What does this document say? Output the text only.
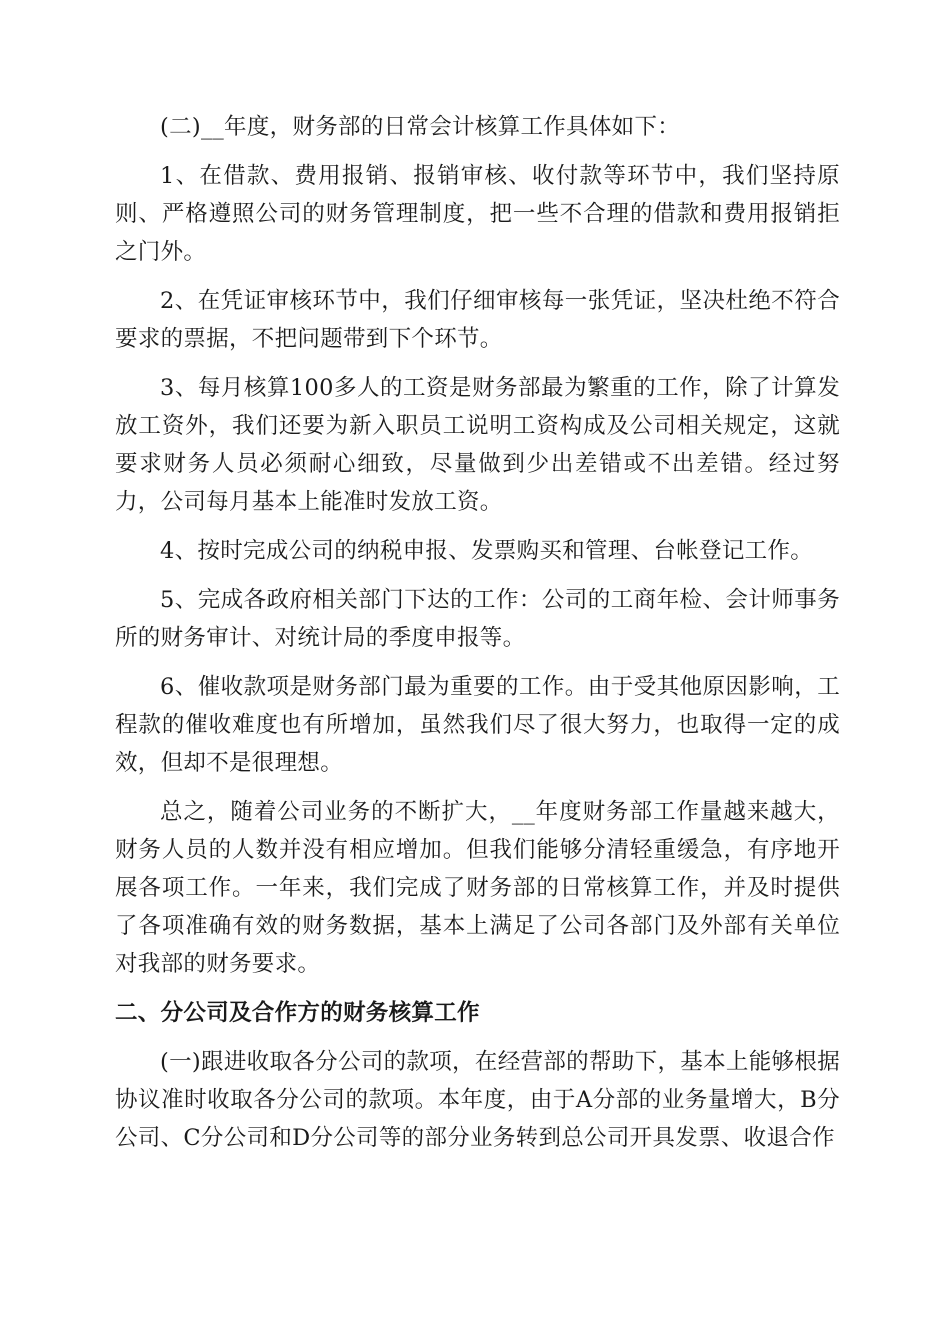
(二)__年度，财务部的日常会计核算工作具体如下：

1、在借款、费用报销、报销审核、收付款等环节中，我们坚持原则、严格遵照公司的财务管理制度，把一些不合理的借款和费用报销拒之门外。

2、在凭证审核环节中，我们仔细审核每一张凭证，坚决杜绝不符合要求的票据，不把问题带到下个环节。

3、每月核算100多人的工资是财务部最为繁重的工作，除了计算发放工资外，我们还要为新入职员工说明工资构成及公司相关规定，这就要求财务人员必须耐心细致，尽量做到少出差错或不出差错。经过努力，公司每月基本上能准时发放工资。

4、按时完成公司的纳税申报、发票购买和管理、台帐登记工作。

5、完成各政府相关部门下达的工作：公司的工商年检、会计师事务所的财务审计、对统计局的季度申报等。

6、催收款项是财务部门最为重要的工作。由于受其他原因影响，工程款的催收难度也有所增加，虽然我们尽了很大努力，也取得一定的成效，但却不是很理想。

总之，随着公司业务的不断扩大，__年度财务部工作量越来越大，财务人员的人数并没有相应增加。但我们能够分清轻重缓急，有序地开展各项工作。一年来，我们完成了财务部的日常核算工作，并及时提供了各项准确有效的财务数据，基本上满足了公司各部门及外部有关单位对我部的财务要求。

二、分公司及合作方的财务核算工作

(一)跟进收取各分公司的款项，在经营部的帮助下，基本上能够根据协议准时收取各分公司的款项。本年度，由于A分部的业务量增大，B分公司、C分公司和D分公司等的部分业务转到总公司开具发票、收退合作
